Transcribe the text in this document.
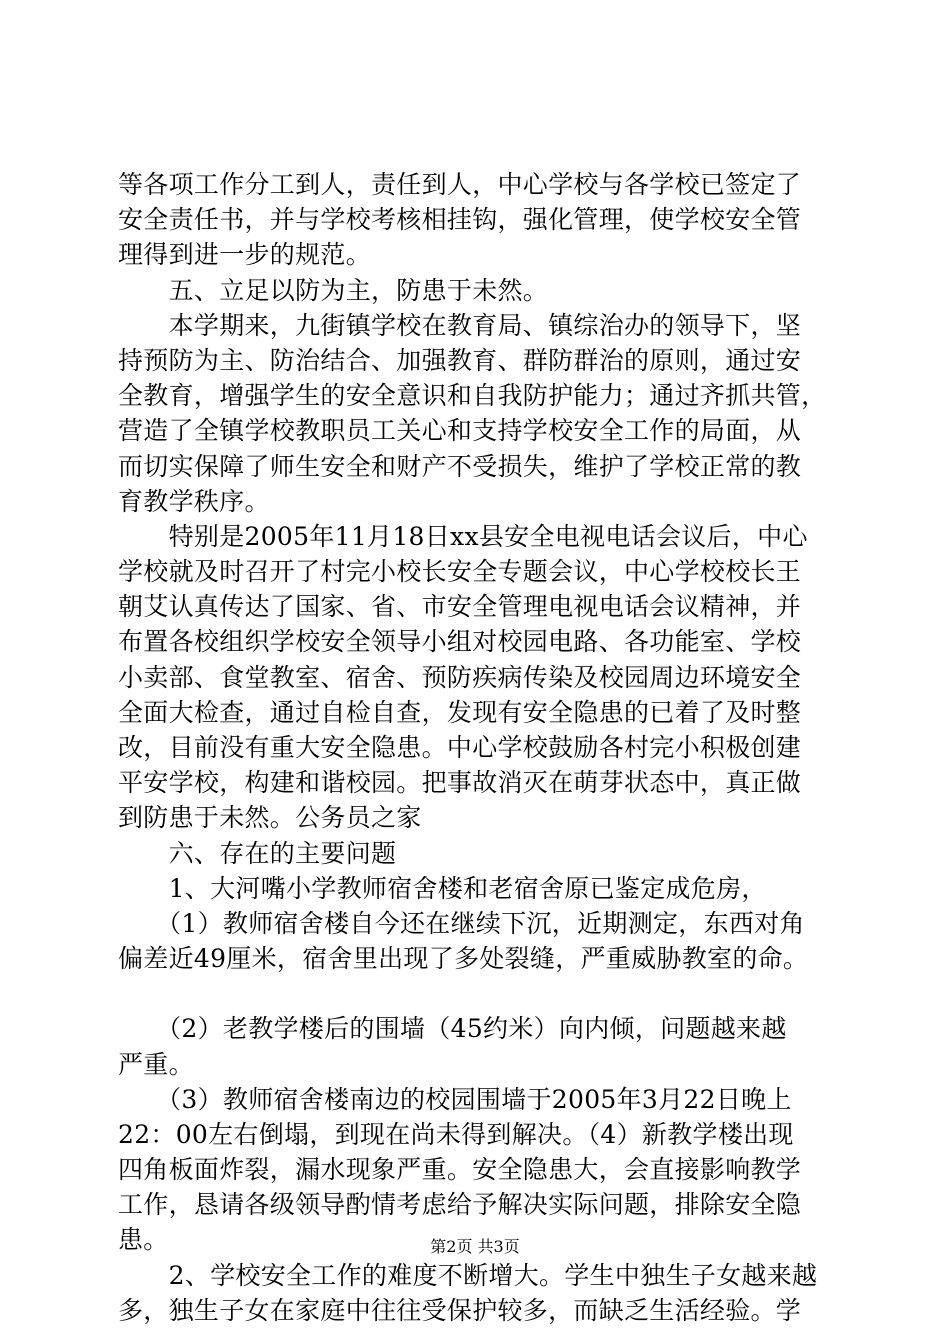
等各项工作分工到人，责任到人，中心学校与各学校已签定了
安全责任书，并与学校考核相挂钩，强化管理，使学校安全管
理得到进一步的规范。
　　五、立足以防为主，防患于未然。
　　本学期来，九街镇学校在教育局、镇综治办的领导下，坚
持预防为主、防治结合、加强教育、群防群治的原则，通过安
全教育，增强学生的安全意识和自我防护能力；通过齐抓共管，
营造了全镇学校教职员工关心和支持学校安全工作的局面，从
而切实保障了师生安全和财产不受损失，维护了学校正常的教
育教学秩序。
　　特别是2005年11月18日xx县安全电视电话会议后，中心
学校就及时召开了村完小校长安全专题会议，中心学校校长王
朝艾认真传达了国家、省、市安全管理电视电话会议精神，并
布置各校组织学校安全领导小组对校园电路、各功能室、学校
小卖部、食堂教室、宿舍、预防疾病传染及校园周边环境安全
全面大检查，通过自检自查，发现有安全隐患的已着了及时整
改，目前没有重大安全隐患。中心学校鼓励各村完小积极创建
平安学校，构建和谐校园。把事故消灭在萌芽状态中，真正做
到防患于未然。公务员之家
　　六、存在的主要问题
　　1、大河嘴小学教师宿舍楼和老宿舍原已鉴定成危房，
　　（1）教师宿舍楼自今还在继续下沉，近期测定，东西对角
偏差近49厘米，宿舍里出现了多处裂缝，严重威胁教室的命。
　　（2）老教学楼后的围墙（45约米）向内倾，问题越来越
严重。
　　（3）教师宿舍楼南边的校园围墙于2005年3月22日晚上
22：00左右倒塌，到现在尚未得到解决。（4）新教学楼出现
四角板面炸裂，漏水现象严重。安全隐患大，会直接影响教学
工作，恳请各级领导酌情考虑给予解决实际问题，排除安全隐
患。
　　2、学校安全工作的难度不断增大。学生中独生子女越来越
多，独生子女在家庭中往往受保护较多，而缺乏生活经验。学
第2页 共3页
